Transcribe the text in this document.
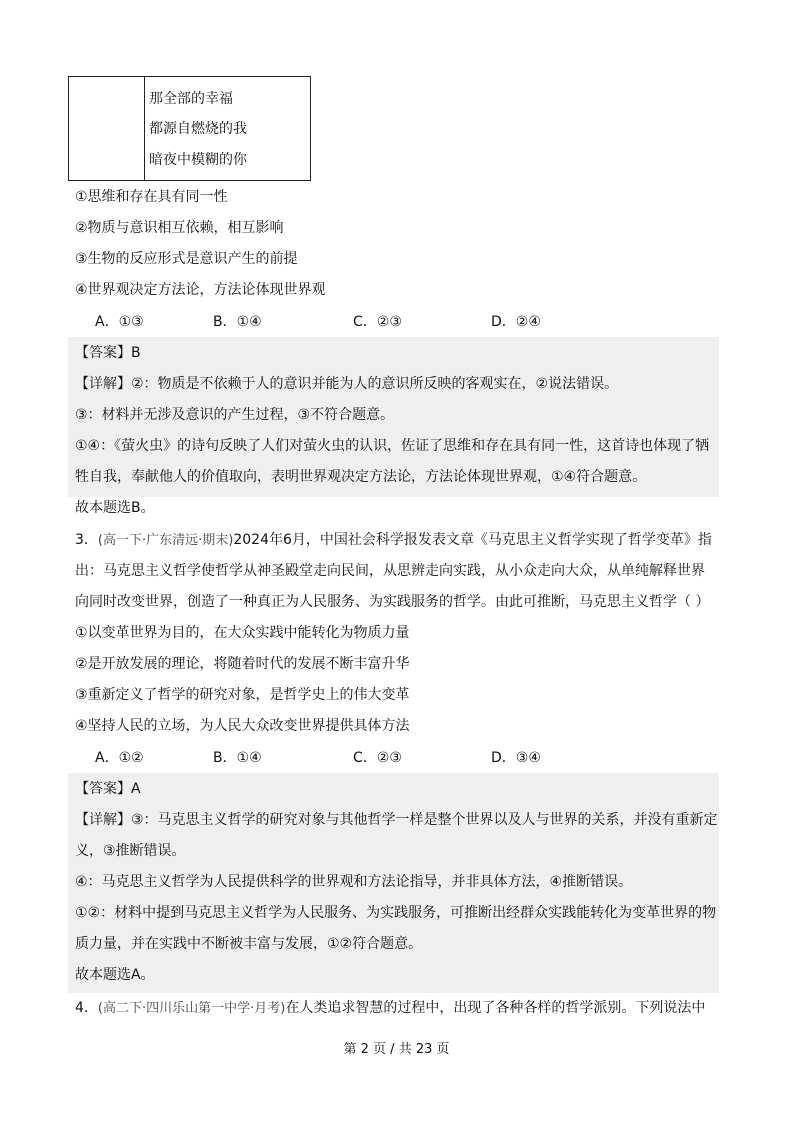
那全部的幸福
都源自燃烧的我
暗夜中模糊的你
①思维和存在具有同一性
②物质与意识相互依赖，相互影响
③生物的反应形式是意识产生的前提
④世界观决定方法论，方法论体现世界观
A．①③	B．①④	C．②③	D．②④
【答案】B
【详解】②：物质是不依赖于人的意识并能为人的意识所反映的客观实在，②说法错误。
③：材料并无涉及意识的产生过程，③不符合题意。
①④：《萤火虫》的诗句反映了人们对萤火虫的认识，佐证了思维和存在具有同一性，这首诗也体现了牺
牲自我，奉献他人的价值取向，表明世界观决定方法论，方法论体现世界观，①④符合题意。
故本题选B。
3．(高一下·广东清远·期末)2024年6月，中国社会科学报发表文章《马克思主义哲学实现了哲学变革》指
出：马克思主义哲学使哲学从神圣殿堂走向民间，从思辨走向实践，从小众走向大众，从单纯解释世界
向同时改变世界，创造了一种真正为人民服务、为实践服务的哲学。由此可推断，马克思主义哲学（ ）
①以变革世界为目的，在大众实践中能转化为物质力量
②是开放发展的理论，将随着时代的发展不断丰富升华
③重新定义了哲学的研究对象，是哲学史上的伟大变革
④坚持人民的立场，为人民大众改变世界提供具体方法
A．①②	B．①④	C．②③	D．③④
【答案】A
【详解】③：马克思主义哲学的研究对象与其他哲学一样是整个世界以及人与世界的关系，并没有重新定
义，③推断错误。
④：马克思主义哲学为人民提供科学的世界观和方法论指导，并非具体方法，④推断错误。
①②：材料中提到马克思主义哲学为人民服务、为实践服务，可推断出经群众实践能转化为变革世界的物
质力量，并在实践中不断被丰富与发展，①②符合题意。
故本题选A。
4．(高二下·四川乐山第一中学·月考)在人类追求智慧的过程中，出现了各种各样的哲学派别。下列说法中
第 2 页 / 共 23 页
